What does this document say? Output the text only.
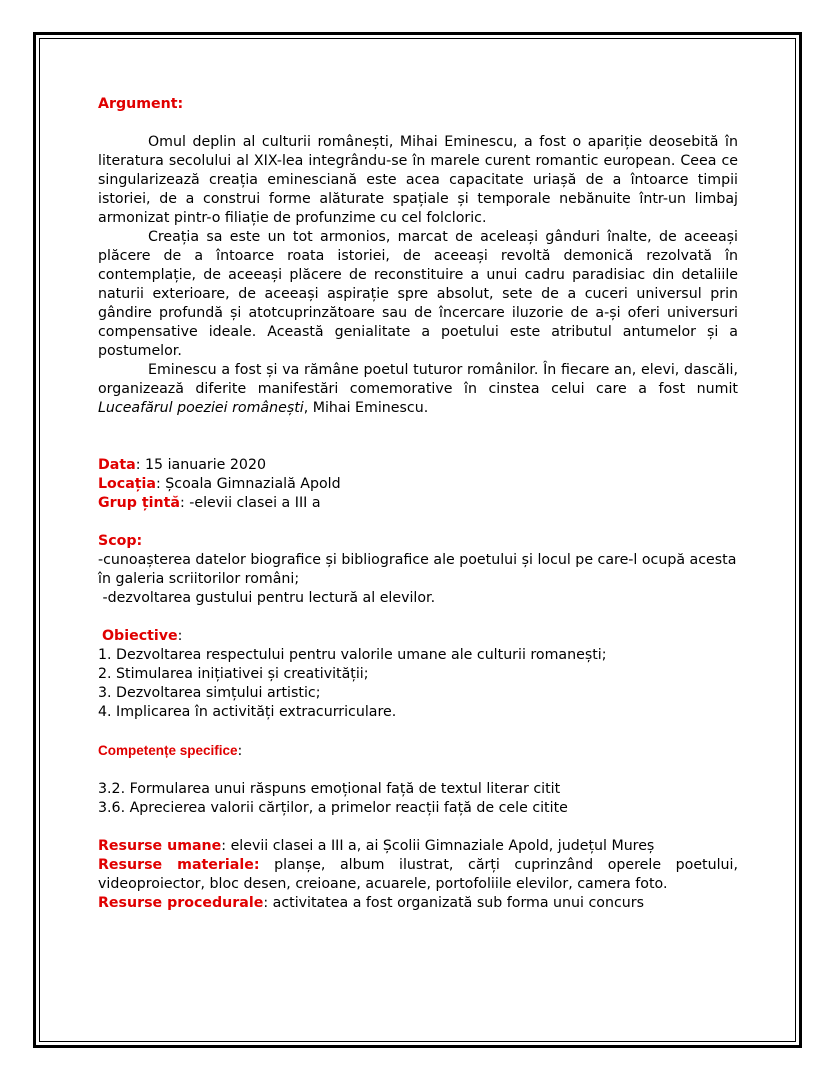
Argument:

Omul deplin al culturii românești, Mihai Eminescu, a fost o apariție deosebită în literatura secolului al XIX-lea integrându-se în marele curent romantic european. Ceea ce singularizează creația eminesciană este acea capacitate uriașă de a întoarce timpii istoriei, de a construi forme alăturate spațiale și temporale nebănuite într-un limbaj armonizat pintr-o filiație de profunzime cu cel folcloric.

Creația sa este un tot armonios, marcat de aceleași gânduri înalte, de aceeași plăcere de a întoarce roata istoriei, de aceeași revoltă demonică rezolvată în contemplație, de aceeași plăcere de reconstituire a unui cadru paradisiac din detaliile naturii exterioare, de aceeași aspirație spre absolut, sete de a cuceri universul prin gândire profundă și atotcuprinzătoare sau de încercare iluzorie de a-și oferi universuri compensative ideale. Această genialitate a poetului este atributul antumelor și a postumelor.

Eminescu a fost și va rămâne poetul tuturor românilor. În fiecare an, elevi, dascăli, organizează diferite manifestări comemorative în cinstea celui care a fost numit Luceafărul poeziei românești, Mihai Eminescu.

Data: 15 ianuarie 2020

Locația: Școala Gimnazială Apold

Grup țintă: -elevii clasei a III a

Scop:

-cunoașterea datelor biografice și bibliografice ale poetului și locul pe care-l ocupă acesta în galeria scriitorilor români;

-dezvoltarea gustului pentru lectură al elevilor.

Obiective:

1. Dezvoltarea respectului pentru valorile umane ale culturii romanești;

2. Stimularea inițiativei și creativității;

3. Dezvoltarea simțului artistic;

4. Implicarea în activități extracurriculare.

Competențe specifice:

3.2. Formularea unui răspuns emoțional față de textul literar citit

3.6. Aprecierea valorii cărților, a primelor reacții față de cele citite

Resurse umane: elevii clasei a III a, ai Școlii Gimnaziale Apold, județul Mureș

Resurse materiale: planșe, album ilustrat, cărți cuprinzând operele poetului, videoproiector, bloc desen, creioane, acuarele, portofoliile elevilor, camera foto.

Resurse procedurale: activitatea a fost organizată sub forma unui concurs
